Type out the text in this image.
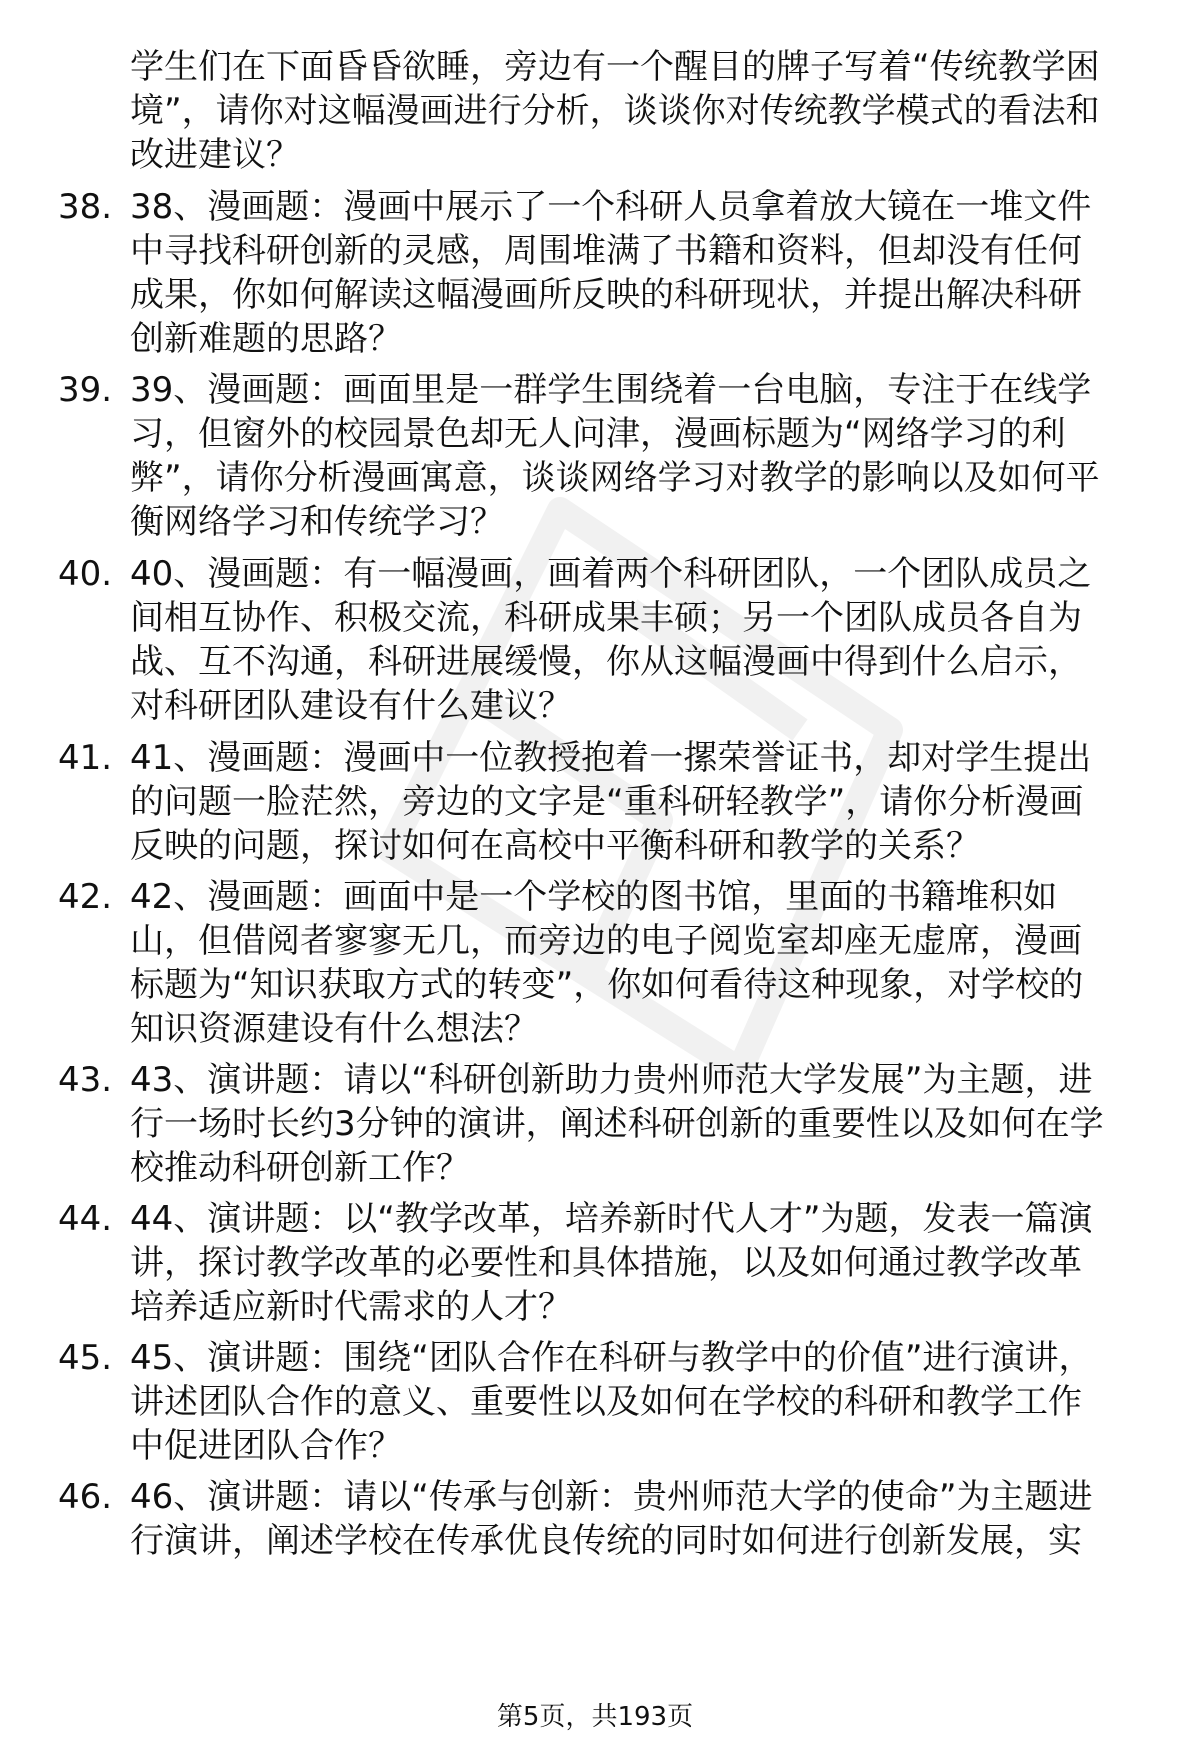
学生们在下面昏昏欲睡，旁边有一个醒目的牌子写着“传统教学困
境”，请你对这幅漫画进行分析，谈谈你对传统教学模式的看法和
改进建议？
38. 38、漫画题：漫画中展示了一个科研人员拿着放大镜在一堆文件
中寻找科研创新的灵感，周围堆满了书籍和资料，但却没有任何
成果，你如何解读这幅漫画所反映的科研现状，并提出解决科研
创新难题的思路？
39. 39、漫画题：画面里是一群学生围绕着一台电脑，专注于在线学
习，但窗外的校园景色却无人问津，漫画标题为“网络学习的利
弊”，请你分析漫画寓意，谈谈网络学习对教学的影响以及如何平
衡网络学习和传统学习？
40. 40、漫画题：有一幅漫画，画着两个科研团队，一个团队成员之
间相互协作、积极交流，科研成果丰硕；另一个团队成员各自为
战、互不沟通，科研进展缓慢，你从这幅漫画中得到什么启示，
对科研团队建设有什么建议？
41. 41、漫画题：漫画中一位教授抱着一摞荣誉证书，却对学生提出
的问题一脸茫然，旁边的文字是“重科研轻教学”，请你分析漫画
反映的问题，探讨如何在高校中平衡科研和教学的关系？
42. 42、漫画题：画面中是一个学校的图书馆，里面的书籍堆积如
山，但借阅者寥寥无几，而旁边的电子阅览室却座无虚席，漫画
标题为“知识获取方式的转变”，你如何看待这种现象，对学校的
知识资源建设有什么想法？
43. 43、演讲题：请以“科研创新助力贵州师范大学发展”为主题，进
行一场时长约3分钟的演讲，阐述科研创新的重要性以及如何在学
校推动科研创新工作？
44. 44、演讲题：以“教学改革，培养新时代人才”为题，发表一篇演
讲，探讨教学改革的必要性和具体措施，以及如何通过教学改革
培养适应新时代需求的人才？
45. 45、演讲题：围绕“团队合作在科研与教学中的价值”进行演讲，
讲述团队合作的意义、重要性以及如何在学校的科研和教学工作
中促进团队合作？
46. 46、演讲题：请以“传承与创新：贵州师范大学的使命”为主题进
行演讲，阐述学校在传承优良传统的同时如何进行创新发展，实
第5页，共193页
